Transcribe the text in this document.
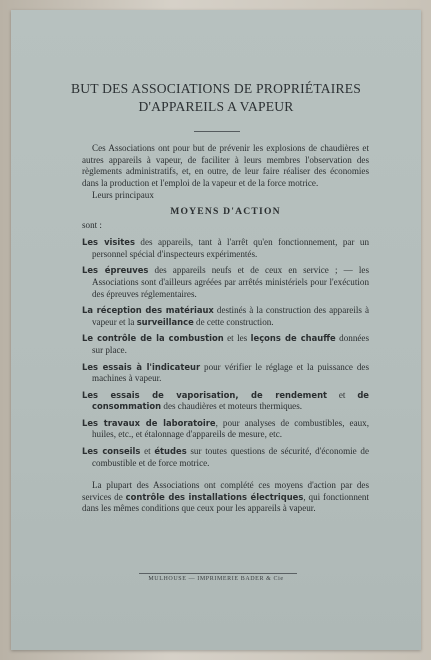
BUT DES ASSOCIATIONS DE PROPRIÉTAIRES
D'APPAREILS A VAPEUR

Ces Associations ont pour but de prévenir les explosions de chaudières et autres appareils à vapeur, de faciliter à leurs membres l'observation des règlements administratifs, et, en outre, de leur faire réaliser des économies dans la production et l'emploi de la vapeur et de la force motrice.

Leurs principaux

MOYENS D'ACTION

sont :

Les visites des appareils, tant à l'arrêt qu'en fonctionnement, par un personnel spécial d'inspecteurs expérimentés.

Les épreuves des appareils neufs et de ceux en service ; — les Associations sont d'ailleurs agréées par arrêtés ministériels pour l'exécution des épreuves réglementaires.

La réception des matériaux destinés à la construction des appareils à vapeur et la surveillance de cette construction.

Le contrôle de la combustion et les leçons de chauffe données sur place.

Les essais à l'indicateur pour vérifier le réglage et la puissance des machines à vapeur.

Les essais de vaporisation, de rendement et de consommation des chaudières et moteurs thermiques.

Les travaux de laboratoire, pour analyses de combustibles, eaux, huiles, etc., et étalonnage d'appareils de mesure, etc.

Les conseils et études sur toutes questions de sécurité, d'économie de combustible et de force motrice.

La plupart des Associations ont complété ces moyens d'action par des services de contrôle des installations électriques, qui fonctionnent dans les mêmes conditions que ceux pour les appareils à vapeur.

MULHOUSE — IMPRIMERIE BADER & Cie
